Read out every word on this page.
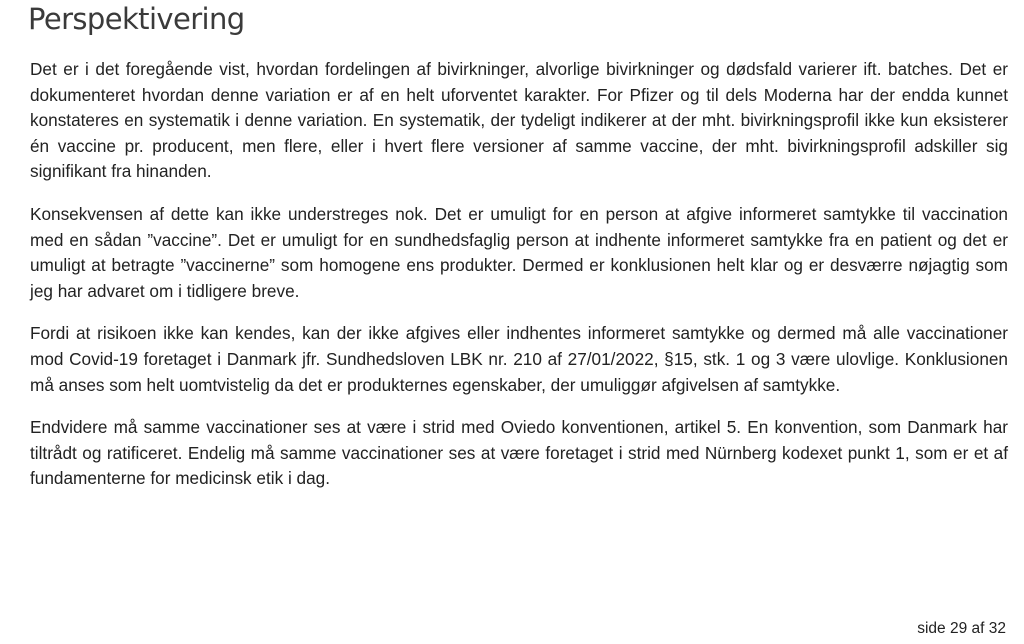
Perspektivering

Det er i det foregående vist, hvordan fordelingen af bivirkninger, alvorlige bivirkninger og dødsfald varierer ift. batches. Det er dokumenteret hvordan denne variation er af en helt uforventet karakter. For Pfizer og til dels Moderna har der endda kunnet konstateres en systematik i denne variation. En systematik, der tydeligt indikerer at der mht. bivirkningsprofil ikke kun eksisterer én vaccine pr. producent, men flere, eller i hvert flere versioner af samme vaccine, der mht. bivirkningsprofil adskiller sig signifikant fra hinanden.

Konsekvensen af dette kan ikke understreges nok. Det er umuligt for en person at afgive informeret samtykke til vaccination med en sådan ”vaccine”. Det er umuligt for en sundhedsfaglig person at indhente informeret samtykke fra en patient og det er umuligt at betragte ”vaccinerne” som homogene ens produkter. Dermed er konklusionen helt klar og er desværre nøjagtig som jeg har advaret om i tidligere breve.

Fordi at risikoen ikke kan kendes, kan der ikke afgives eller indhentes informeret samtykke og dermed må alle vaccinationer mod Covid-19 foretaget i Danmark jfr. Sundhedsloven LBK nr. 210 af 27/01/2022, §15, stk. 1 og 3 være ulovlige. Konklusionen må anses som helt uomtvistelig da det er produkternes egenskaber, der umuliggør afgivelsen af samtykke.

Endvidere må samme vaccinationer ses at være i strid med Oviedo konventionen, artikel 5. En konvention, som Danmark har tiltrådt og ratificeret. Endelig må samme vaccinationer ses at være foretaget i strid med Nürnberg kodexet punkt 1, som er et af fundamenterne for medicinsk etik i dag.

side 29 af 32
